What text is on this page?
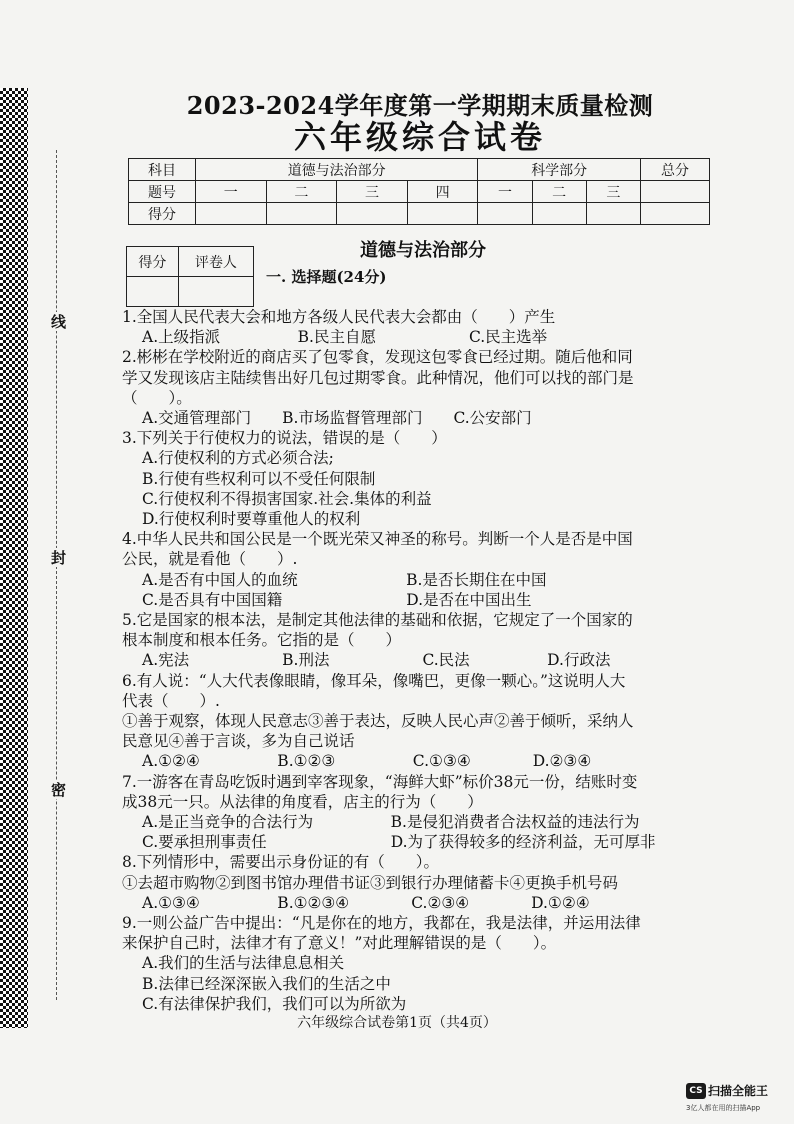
线
封
密
2023-2024学年度第一学期期末质量检测
六年级综合试卷
科目	道德与法治部分				科学部分			总分
题号	一	二	三	四	一	二	三	
得分								
得分	评卷人

道德与法治部分
一. 选择题(24分)
1.全国人民代表大会和地方各级人民代表大会都由（　　）产生
A.上级指派　　　　　B.民主自愿　　　　　　C.民主选举
2.彬彬在学校附近的商店买了包零食，发现这包零食已经过期。随后他和同
学又发现该店主陆续售出好几包过期零食。此种情况，他们可以找的部门是
（　　）。
A.交通管理部门　　B.市场监督管理部门　　C.公安部门
3.下列关于行使权力的说法，错误的是（　　）
A.行使权利的方式必须合法;
B.行使有些权利可以不受任何限制
C.行使权利不得损害国家.社会.集体的利益
D.行使权利时要尊重他人的权利
4.中华人民共和国公民是一个既光荣又神圣的称号。判断一个人是否是中国
公民，就是看他（　　）.
A.是否有中国人的血统　　　　　　　B.是否长期住在中国
C.是否具有中国国籍　　　　　　　　D.是否在中国出生
5.它是国家的根本法，是制定其他法律的基础和依据，它规定了一个国家的
根本制度和根本任务。它指的是（　　）
A.宪法　　　　　　B.刑法　　　　　　C.民法　　　　　D.行政法
6.有人说：“人大代表像眼睛，像耳朵，像嘴巴，更像一颗心。”这说明人大
代表（　　）.
①善于观察，体现人民意志③善于表达，反映人民心声②善于倾听，采纳人
民意见④善于言谈，多为自己说话
A.①②④　　　　　B.①②③　　　　　C.①③④　　　　D.②③④
7.一游客在青岛吃饭时遇到宰客现象，“海鲜大虾”标价38元一份，结账时变
成38元一只。从法律的角度看，店主的行为（　　）
A.是正当竞争的合法行为　　　　　B.是侵犯消费者合法权益的违法行为
C.要承担刑事责任　　　　　　　　D.为了获得较多的经济利益，无可厚非
8.下列情形中，需要出示身份证的有（　　）。
①去超市购物②到图书馆办理借书证③到银行办理储蓄卡④更换手机号码
A.①③④　　　　　B.①②③④　　　　C.②③④　　　　D.①②④
9.一则公益广告中提出：“凡是你在的地方，我都在，我是法律，并运用法律
来保护自己时，法律才有了意义！”对此理解错误的是（　　）。
六年级综合试卷第1页（共4页）
CS 扫描全能王
3亿人都在用的扫描App
A.我们的生活与法律息息相关
B.法律已经深深嵌入我们的生活之中
C.有法律保护我们，我们可以为所欲为
